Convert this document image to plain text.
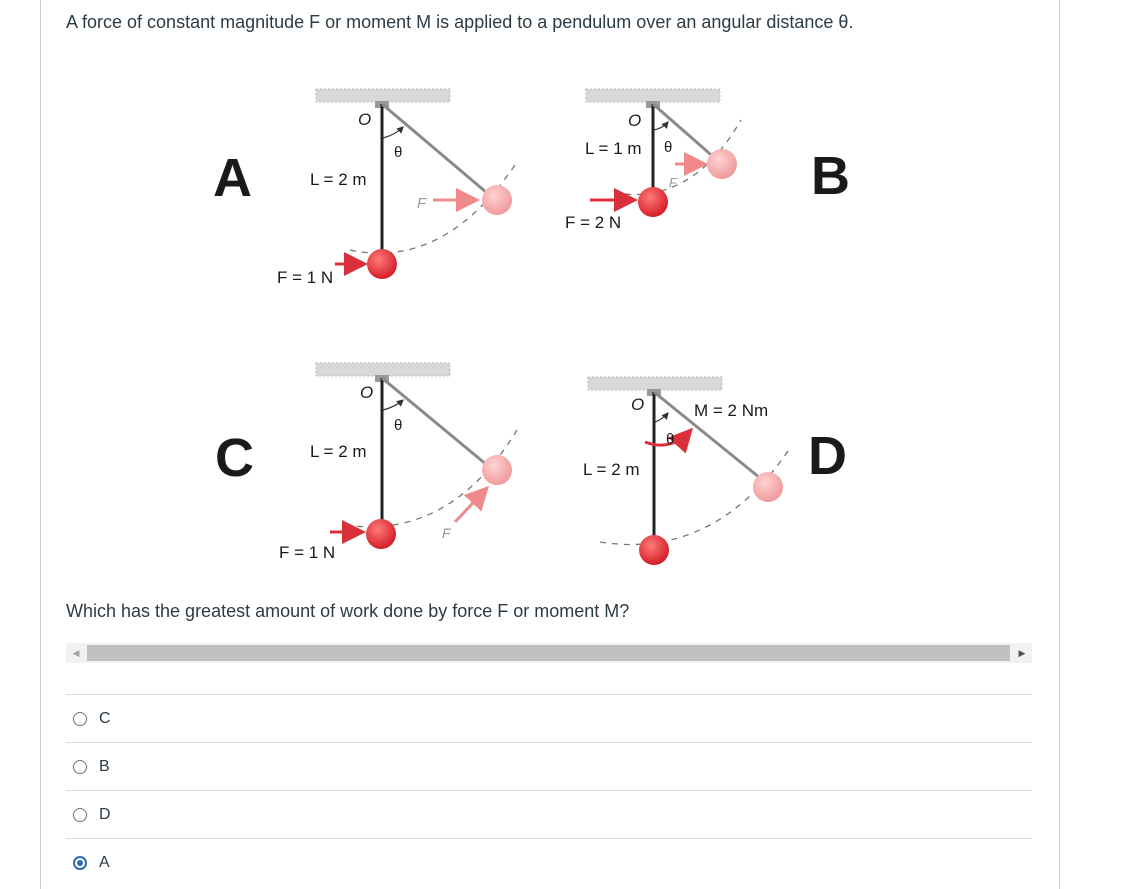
A force of constant magnitude F or moment M is applied to a pendulum over an angular distance θ.
A
O
θ
L = 2 m
F
F = 1 N
B
O
θ
L = 1 m
F
F = 2 N
C
O
θ
L = 2 m
F
F = 1 N
D
O
θ
M = 2 Nm
L = 2 m
Which has the greatest amount of work done by force F or moment M?
◀	▶
C
B
D
A
